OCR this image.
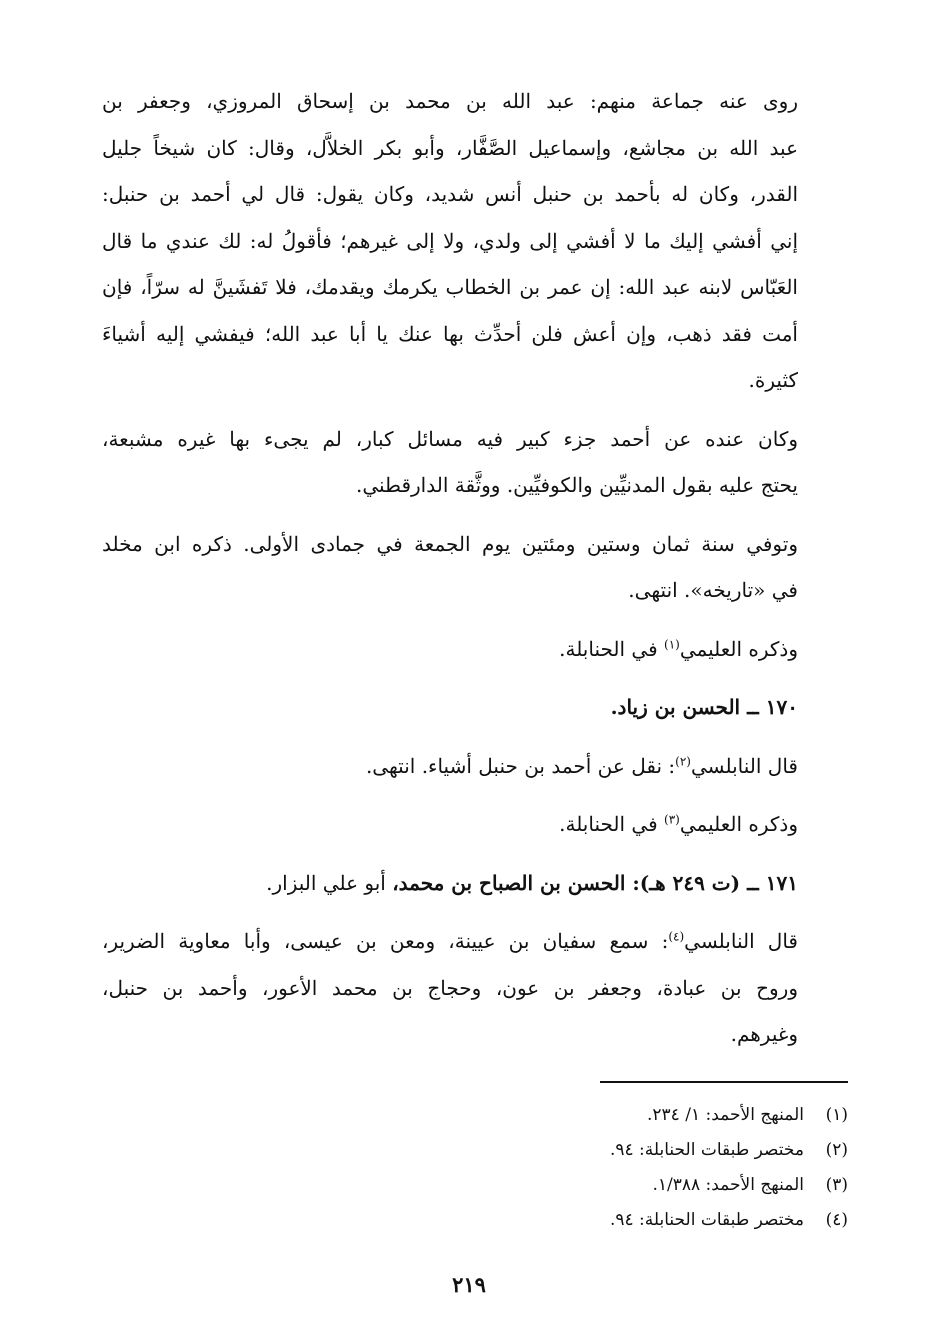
روى عنه جماعة منهم: عبد الله بن محمد بن إسحاق المروزي، وجعفر بن
عبد الله بن مجاشع، وإسماعيل الصَّفَّار، وأبو بكر الخلاَّل، وقال: كان شيخاً جليل
القدر، وكان له بأحمد بن حنبل أنس شديد، وكان يقول: قال لي أحمد بن حنبل:
إني أفشي إليك ما لا أفشي إلى ولدي، ولا إلى غيرهم؛ فأقولُ له: لك عندي ما قال
العَبّاس لابنه عبد الله: إن عمر بن الخطاب يكرمك ويقدمك، فلا تَفشَينَّ له سرّاً، فإن
أمت فقد ذهب، وإن أعش فلن أحدِّث بها عنك يا أبا عبد الله؛ فيفشي إليه أشياءَ
كثيرة.
وكان عنده عن أحمد جزء كبير فيه مسائل كبار، لم يجىء بها غيره مشبعة،
يحتج عليه بقول المدنيِّين والكوفيِّين. ووثَّقة الدارقطني.
وتوفي سنة ثمان وستين ومئتين يوم الجمعة في جمادى الأولى. ذكره ابن مخلد
في «تاريخه». انتهى.
وذكره العليمي$^{(١)}$ في الحنابلة.
١٧٠ ــ الحسن بن زياد.
قال النابلسي$^{(٢)}$: نقل عن أحمد بن حنبل أشياء. انتهى.
وذكره العليمي$^{(٣)}$ في الحنابلة.
١٧١ ــ (ت ٢٤٩ هـ): الحسن بن الصباح بن محمد، أبو علي البزار.
قال النابلسي$^{(٤)}$: سمع سفيان بن عيينة، ومعن بن عيسى، وأبا معاوية الضرير،
وروح بن عبادة، وجعفر بن عون، وحجاج بن محمد الأعور، وأحمد بن حنبل،
وغيرهم.
(١)المنهج الأحمد: ١/ ٢٣٤.
(٢)مختصر طبقات الحنابلة: ٩٤.
(٣)المنهج الأحمد: ١/٣٨٨.
(٤)مختصر طبقات الحنابلة: ٩٤.
٢١٩
